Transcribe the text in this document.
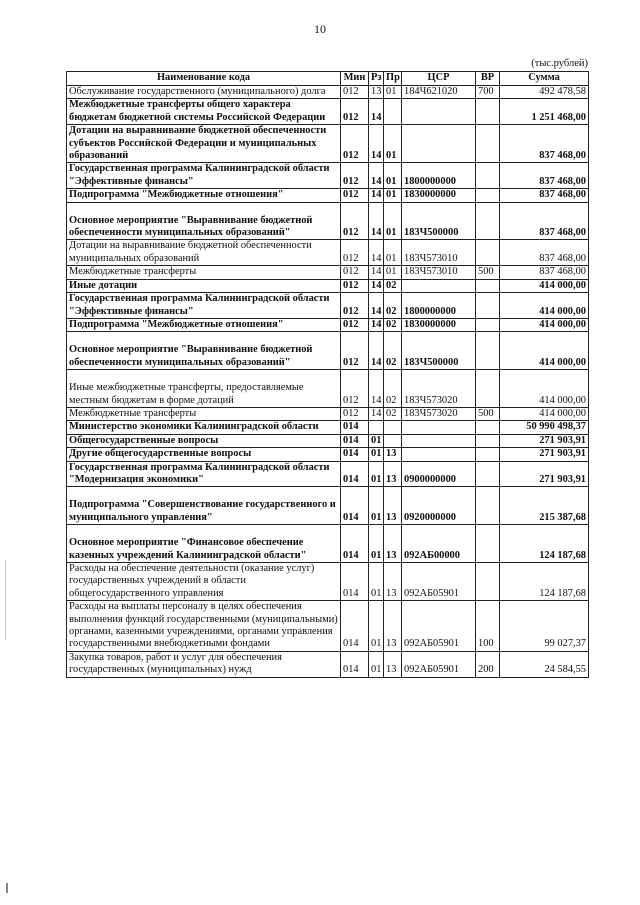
10
(тыс.рублей)
Наименование кода	Мин	Рз	Пр	ЦСР	ВР	Сумма
Обслуживание государственного (муниципального) долга	012	13	01	184Ч621020	700	492 478,58
Межбюджетные трансферты общего характера бюджетам бюджетной системы Российской Федерации	012	14				1 251 468,00
Дотации на выравнивание бюджетной обеспеченности субъектов Российской Федерации и муниципальных образований	012	14	01			837 468,00
Государственная программа Калининградской области "Эффективные финансы"	012	14	01	1800000000		837 468,00
Подпрограмма "Межбюджетные отношения"	012	14	01	1830000000		837 468,00
Основное мероприятие "Выравнивание бюджетной обеспеченности муниципальных образований"	012	14	01	183Ч500000		837 468,00
Дотации на выравнивание бюджетной обеспеченности муниципальных образований	012	14	01	183Ч573010		837 468,00
Межбюджетные трансферты	012	14	01	183Ч573010	500	837 468,00
Иные дотации	012	14	02			414 000,00
Государственная программа Калининградской области "Эффективные финансы"	012	14	02	1800000000		414 000,00
Подпрограмма "Межбюджетные отношения"	012	14	02	1830000000		414 000,00
Основное мероприятие "Выравнивание бюджетной обеспеченности муниципальных образований"	012	14	02	183Ч500000		414 000,00
Иные межбюджетные трансферты, предоставляемые местным бюджетам в форме дотаций	012	14	02	183Ч573020		414 000,00
Межбюджетные трансферты	012	14	02	183Ч573020	500	414 000,00
Министерство экономики Калининградской области	014					50 990 498,37
Общегосударственные вопросы	014	01				271 903,91
Другие общегосударственные вопросы	014	01	13			271 903,91
Государственная программа Калининградской области "Модернизация экономики"	014	01	13	0900000000		271 903,91
Подпрограмма "Совершенствование государственного и муниципального управления"	014	01	13	0920000000		215 387,68
Основное мероприятие "Финансовое обеспечение казенных учреждений Калининградской области"	014	01	13	092АБ00000		124 187,68
Расходы на обеспечение деятельности (оказание услуг) государственных учреждений в области общегосударственного управления	014	01	13	092АБ05901		124 187,68
Расходы на выплаты персоналу в целях обеспечения выполнения функций государственными (муниципальными) органами, казенными учреждениями, органами управления государственными внебюджетными фондами	014	01	13	092АБ05901	100	99 027,37
Закупка товаров, работ и услуг для обеспечения государственных (муниципальных) нужд	014	01	13	092АБ05901	200	24 584,55
